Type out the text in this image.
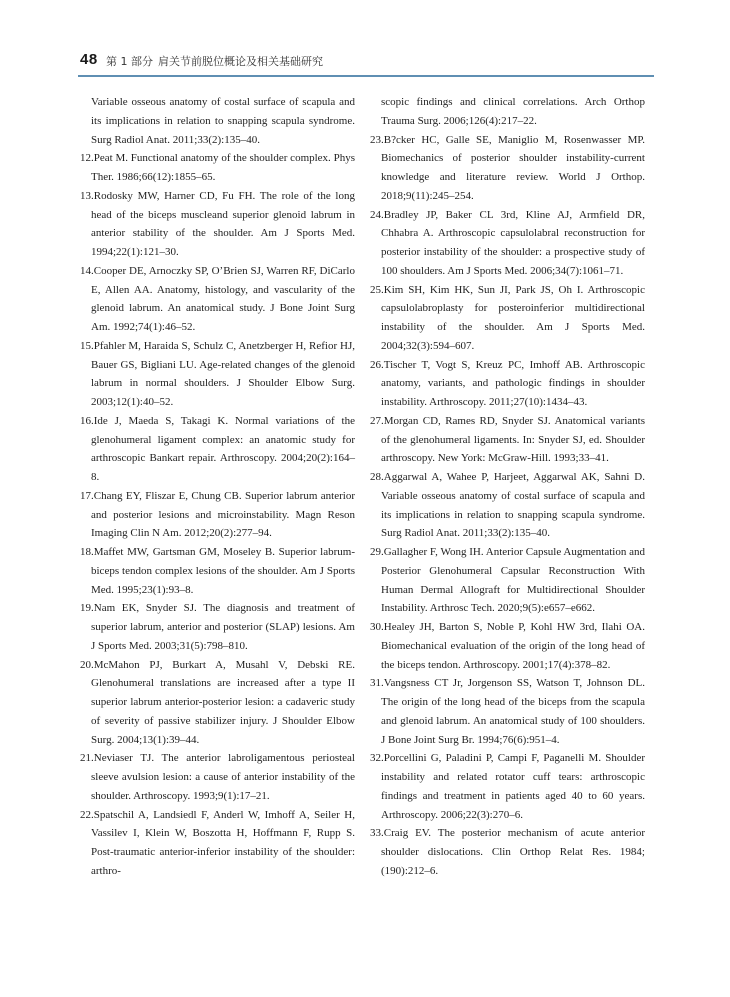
48 第 1 部分 肩关节前脱位概论及相关基础研究

Variable osseous anatomy of costal surface of scapula and its implications in relation to snapping scapula syndrome. Surg Radiol Anat. 2011;33(2):135–40.

12.Peat M. Functional anatomy of the shoulder complex. Phys Ther. 1986;66(12):1855–65.

13.Rodosky MW, Harner CD, Fu FH. The role of the long head of the biceps muscleand superior glenoid labrum in anterior stability of the shoulder. Am J Sports Med. 1994;22(1):121–30.

14.Cooper DE, Arnoczky SP, O’Brien SJ, Warren RF, DiCarlo E, Allen AA. Anatomy, histology, and vascularity of the glenoid labrum. An anatomical study. J Bone Joint Surg Am. 1992;74(1):46–52.

15.Pfahler M, Haraida S, Schulz C, Anetzberger H, Refior HJ, Bauer GS, Bigliani LU. Age-related changes of the glenoid labrum in normal shoulders. J Shoulder Elbow Surg. 2003;12(1):40–52.

16.Ide J, Maeda S, Takagi K. Normal variations of the glenohumeral ligament complex: an anatomic study for arthroscopic Bankart repair. Arthroscopy. 2004;20(2):164–8.

17.Chang EY, Fliszar E, Chung CB. Superior labrum anterior and posterior lesions and microinstability. Magn Reson Imaging Clin N Am. 2012;20(2):277–94.

18.Maffet MW, Gartsman GM, Moseley B. Superior labrum-biceps tendon complex lesions of the shoulder. Am J Sports Med. 1995;23(1):93–8.

19.Nam EK, Snyder SJ. The diagnosis and treatment of superior labrum, anterior and posterior (SLAP) lesions. Am J Sports Med. 2003;31(5):798–810.

20.McMahon PJ, Burkart A, Musahl V, Debski RE. Glenohumeral translations are increased after a type II superior labrum anterior-posterior lesion: a cadaveric study of severity of passive stabilizer injury. J Shoulder Elbow Surg. 2004;13(1):39–44.

21.Neviaser TJ. The anterior labroligamentous periosteal sleeve avulsion lesion: a cause of anterior instability of the shoulder. Arthroscopy. 1993;9(1):17–21.

22.Spatschil A, Landsiedl F, Anderl W, Imhoff A, Seiler H, Vassilev I, Klein W, Boszotta H, Hoffmann F, Rupp S. Post-traumatic anterior-inferior instability of the shoulder: arthro-

scopic findings and clinical correlations. Arch Orthop Trauma Surg. 2006;126(4):217–22.

23.B?cker HC, Galle SE, Maniglio M, Rosenwasser MP. Biomechanics of posterior shoulder instability-current knowledge and literature review. World J Orthop. 2018;9(11):245–254.

24.Bradley JP, Baker CL 3rd, Kline AJ, Armfield DR, Chhabra A. Arthroscopic capsulolabral reconstruction for posterior instability of the shoulder: a prospective study of 100 shoulders. Am J Sports Med. 2006;34(7):1061–71.

25.Kim SH, Kim HK, Sun JI, Park JS, Oh I. Arthroscopic capsulolabroplasty for posteroinferior multidirectional instability of the shoulder. Am J Sports Med. 2004;32(3):594–607.

26.Tischer T, Vogt S, Kreuz PC, Imhoff AB. Arthroscopic anatomy, variants, and pathologic findings in shoulder instability. Arthroscopy. 2011;27(10):1434–43.

27.Morgan CD, Rames RD, Snyder SJ. Anatomical variants of the glenohumeral ligaments. In: Snyder SJ, ed. Shoulder arthroscopy. New York: McGraw-Hill. 1993;33–41.

28.Aggarwal A, Wahee P, Harjeet, Aggarwal AK, Sahni D. Variable osseous anatomy of costal surface of scapula and its implications in relation to snapping scapula syndrome. Surg Radiol Anat. 2011;33(2):135–40.

29.Gallagher F, Wong IH. Anterior Capsule Augmentation and Posterior Glenohumeral Capsular Reconstruction With Human Dermal Allograft for Multidirectional Shoulder Instability. Arthrosc Tech. 2020;9(5):e657–e662.

30.Healey JH, Barton S, Noble P, Kohl HW 3rd, Ilahi OA. Biomechanical evaluation of the origin of the long head of the biceps tendon. Arthroscopy. 2001;17(4):378–82.

31.Vangsness CT Jr, Jorgenson SS, Watson T, Johnson DL. The origin of the long head of the biceps from the scapula and glenoid labrum. An anatomical study of 100 shoulders. J Bone Joint Surg Br. 1994;76(6):951–4.

32.Porcellini G, Paladini P, Campi F, Paganelli M. Shoulder instability and related rotator cuff tears: arthroscopic findings and treatment in patients aged 40 to 60 years. Arthroscopy. 2006;22(3):270–6.

33.Craig EV. The posterior mechanism of acute anterior shoulder dislocations. Clin Orthop Relat Res. 1984;(190):212–6.
